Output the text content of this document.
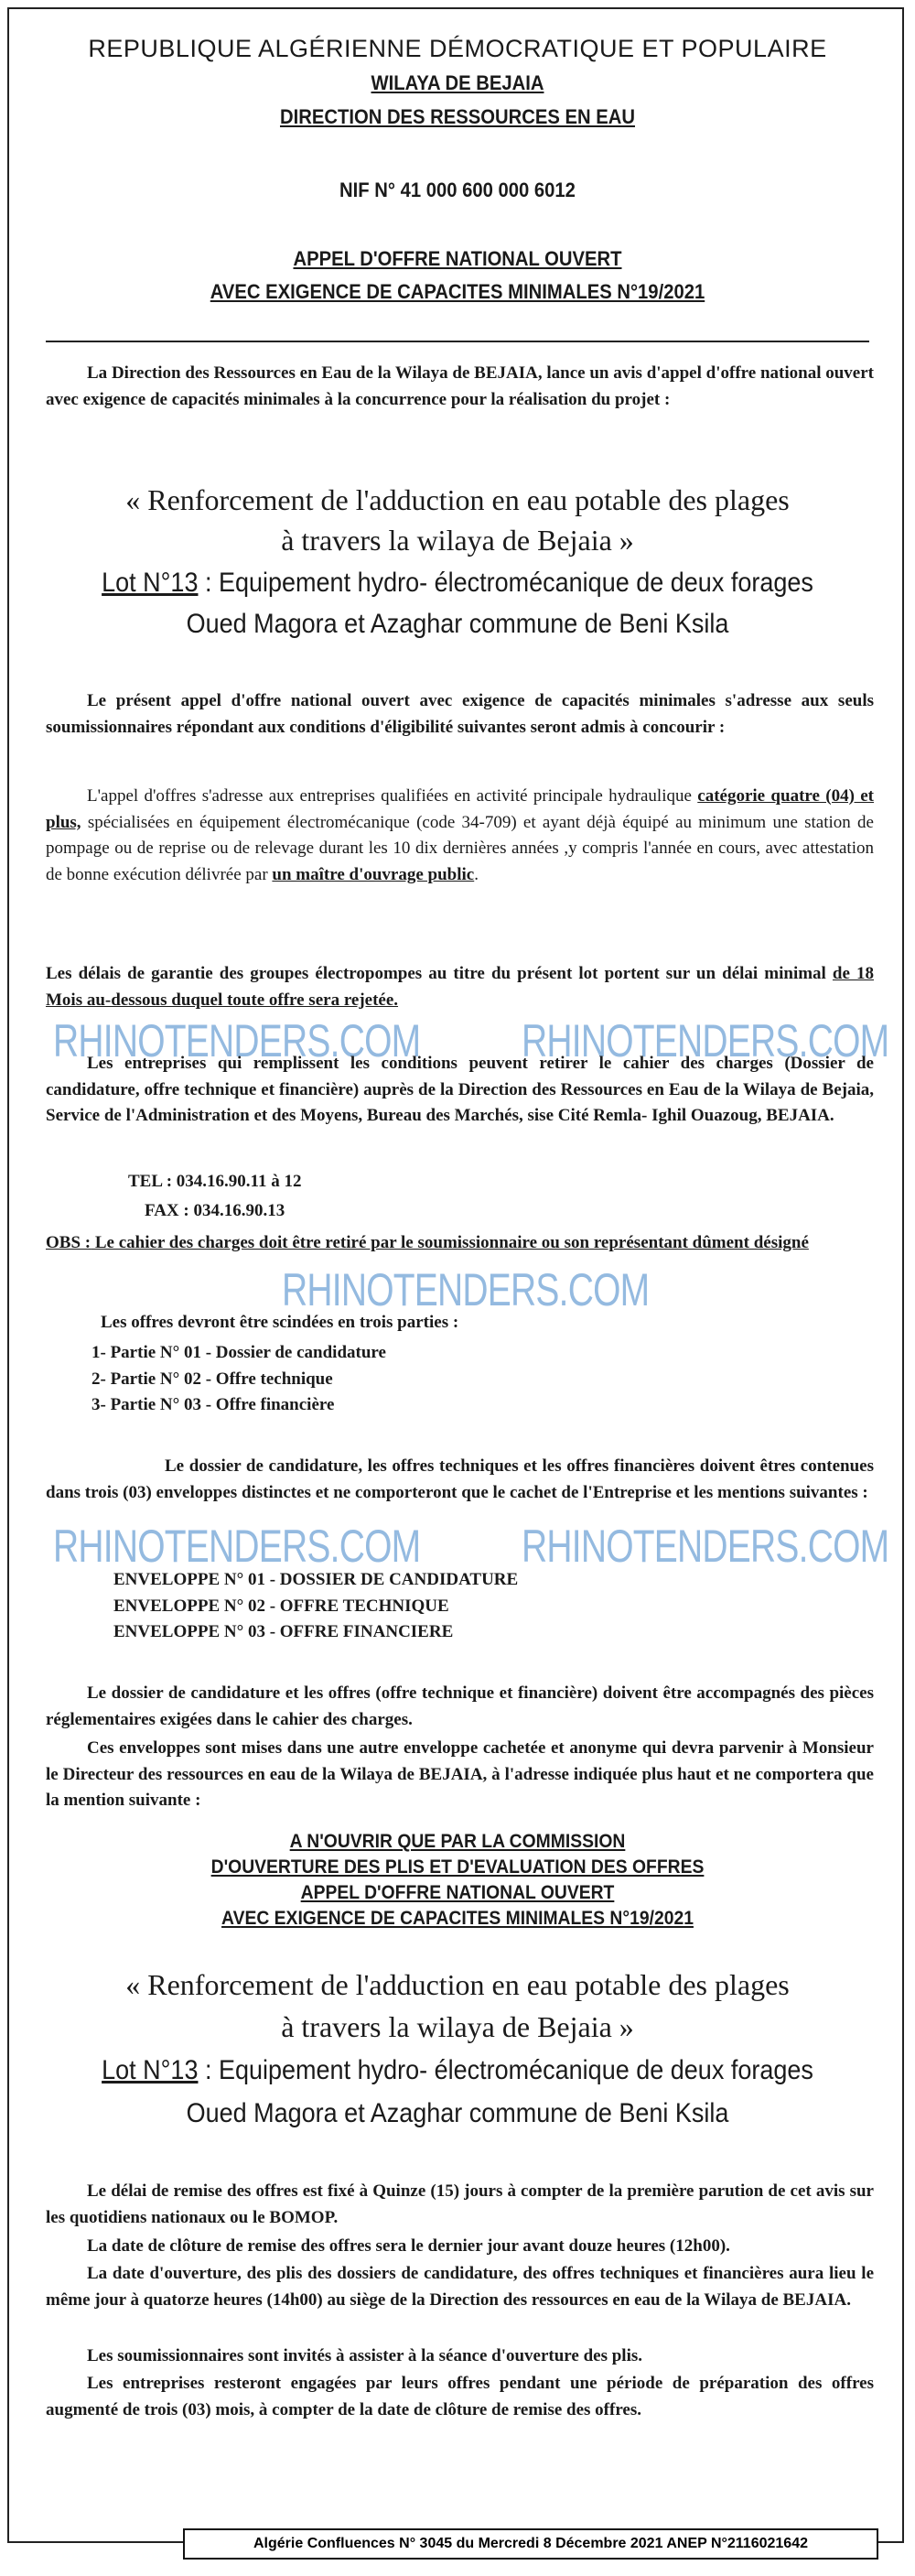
REPUBLIQUE ALGÉRIENNE DÉMOCRATIQUE ET POPULAIRE
WILAYA DE BEJAIA
DIRECTION DES RESSOURCES EN EAU
NIF N° 41 000 600 000 6012
APPEL D'OFFRE NATIONAL OUVERT
AVEC EXIGENCE DE CAPACITES MINIMALES N°19/2021
La Direction des Ressources en Eau de la Wilaya de BEJAIA, lance un avis d'appel d'offre national ouvert avec exigence de capacités minimales à la concurrence pour la réalisation du projet :
« Renforcement de l'adduction en eau potable des plages
à travers la wilaya de Bejaia »
Lot N°13 : Equipement hydro- électromécanique de deux forages
Oued Magora et Azaghar commune de Beni Ksila
Le présent appel d'offre national ouvert avec exigence de capacités minimales s'adresse aux seuls soumissionnaires répondant aux conditions d'éligibilité suivantes seront admis à concourir :
L'appel d'offres s'adresse aux entreprises qualifiées en activité principale hydraulique catégorie quatre (04) et plus, spécialisées en équipement électromécanique (code 34-709) et ayant déjà équipé au minimum une station de pompage ou de reprise ou de relevage durant les 10 dix dernières années ,y compris l'année en cours, avec attestation de bonne exécution délivrée par un maître d'ouvrage public.
Les délais de garantie des groupes électropompes au titre du présent lot portent sur un délai minimal de 18 Mois au-dessous duquel toute offre sera rejetée.
RHINOTENDERS.COM RHINOTENDERS.COM
Les entreprises qui remplissent les conditions peuvent retirer le cahier des charges (Dossier de candidature, offre technique et financière) auprès de la Direction des Ressources en Eau de la Wilaya de Bejaia, Service de l'Administration et des Moyens, Bureau des Marchés, sise Cité Remla- Ighil Ouazoug, BEJAIA.
TEL : 034.16.90.11 à 12
FAX : 034.16.90.13
OBS : Le cahier des charges doit être retiré par le soumissionnaire ou son représentant dûment désigné
RHINOTENDERS.COM
Les offres devront être scindées en trois parties :
1- Partie N° 01 - Dossier de candidature
2- Partie N° 02 - Offre technique
3- Partie N° 03 - Offre financière
Le dossier de candidature, les offres techniques et les offres financières doivent êtres contenues dans trois (03) enveloppes distinctes et ne comporteront que le cachet de l'Entreprise et les mentions suivantes :
RHINOTENDERS.COM RHINOTENDERS.COM
ENVELOPPE N° 01 - DOSSIER DE CANDIDATURE
ENVELOPPE N° 02 - OFFRE TECHNIQUE
ENVELOPPE N° 03 - OFFRE FINANCIERE
Le dossier de candidature et les offres (offre technique et financière) doivent être accompagnés des pièces réglementaires exigées dans le cahier des charges.
Ces enveloppes sont mises dans une autre enveloppe cachetée et anonyme qui devra parvenir à Monsieur le Directeur des ressources en eau de la Wilaya de BEJAIA, à l'adresse indiquée plus haut et ne comportera que la mention suivante :
A N'OUVRIR QUE PAR LA COMMISSION
D'OUVERTURE DES PLIS ET D'EVALUATION DES OFFRES
APPEL D'OFFRE NATIONAL OUVERT
AVEC EXIGENCE DE CAPACITES MINIMALES N°19/2021
« Renforcement de l'adduction en eau potable des plages
à travers la wilaya de Bejaia »
Lot N°13 : Equipement hydro- électromécanique de deux forages
Oued Magora et Azaghar commune de Beni Ksila
Le délai de remise des offres est fixé à Quinze (15) jours à compter de la première parution de cet avis sur les quotidiens nationaux ou le BOMOP.
La date de clôture de remise des offres sera le dernier jour avant douze heures (12h00).
La date d'ouverture, des plis des dossiers de candidature, des offres techniques et financières aura lieu le même jour à quatorze heures (14h00) au siège de la Direction des ressources en eau de la Wilaya de BEJAIA.
Les soumissionnaires sont invités à assister à la séance d'ouverture des plis.
Les entreprises resteront engagées par leurs offres pendant une période de préparation des offres augmenté de trois (03) mois, à compter de la date de clôture de remise des offres.
Algérie Confluences N° 3045 du Mercredi 8 Décembre 2021 ANEP N°2116021642
